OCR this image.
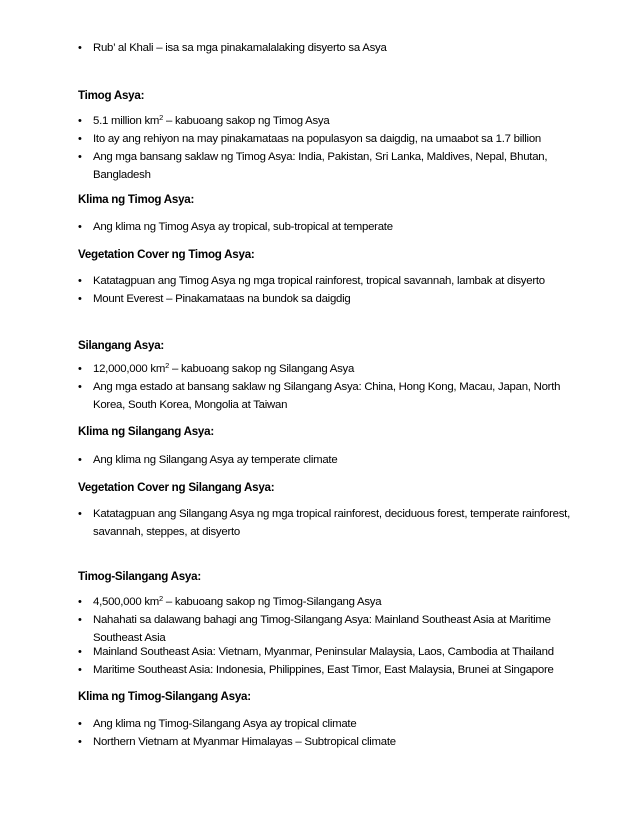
• Rub’ al Khali – isa sa mga pinakamalalaking disyerto sa Asya
Timog Asya:
• 5.1 million $km^2$ – kabuoang sakop ng Timog Asya
• Ito ay ang rehiyon na may pinakamataas na populasyon sa daigdig, na umaabot sa 1.7 billion
• Ang mga bansang saklaw ng Timog Asya: India, Pakistan, Sri Lanka, Maldives, Nepal, Bhutan, Bangladesh
Klima ng Timog Asya:
• Ang klima ng Timog Asya ay tropical, sub-tropical at temperate
Vegetation Cover ng Timog Asya:
• Katatagpuan ang Timog Asya ng mga tropical rainforest, tropical savannah, lambak at disyerto
• Mount Everest – Pinakamataas na bundok sa daigdig
Silangang Asya:
• 12,000,000 $km^2$ – kabuoang sakop ng Silangang Asya
• Ang mga estado at bansang saklaw ng Silangang Asya: China, Hong Kong, Macau, Japan, North Korea, South Korea, Mongolia at Taiwan
Klima ng Silangang Asya:
• Ang klima ng Silangang Asya ay temperate climate
Vegetation Cover ng Silangang Asya:
• Katatagpuan ang Silangang Asya ng mga tropical rainforest, deciduous forest, temperate rainforest, savannah, steppes, at disyerto
Timog-Silangang Asya:
• 4,500,000 $km^2$ – kabuoang sakop ng Timog-Silangang Asya
• Nahahati sa dalawang bahagi ang Timog-Silangang Asya: Mainland Southeast Asia at Maritime Southeast Asia
• Mainland Southeast Asia: Vietnam, Myanmar, Peninsular Malaysia, Laos, Cambodia at Thailand
• Maritime Southeast Asia: Indonesia, Philippines, East Timor, East Malaysia, Brunei at Singapore
Klima ng Timog-Silangang Asya:
• Ang klima ng Timog-Silangang Asya ay tropical climate
• Northern Vietnam at Myanmar Himalayas – Subtropical climate
